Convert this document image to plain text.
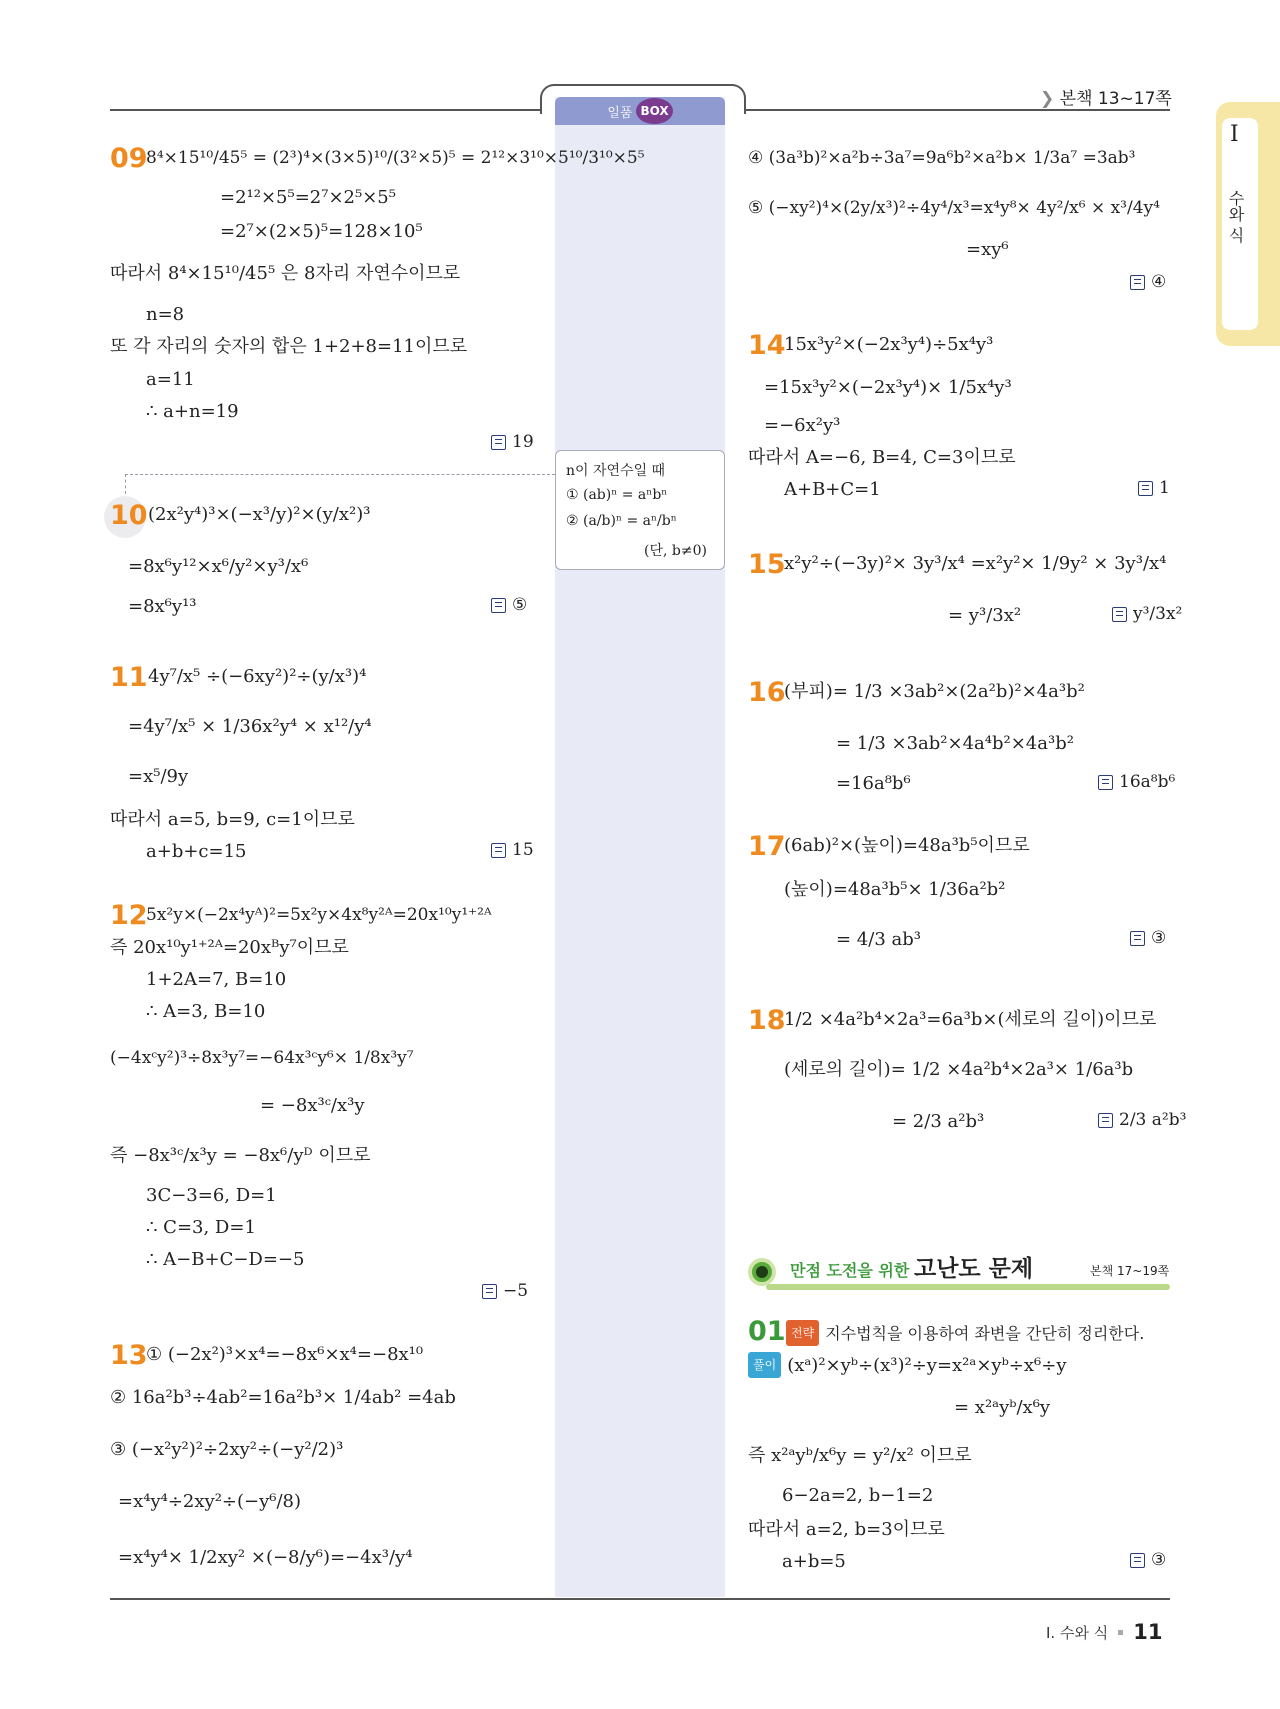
❯ 본책 13~17쪽
일품 BOX
n이 자연수일 때
① (ab)ⁿ = aⁿbⁿ
② (a/b)ⁿ = aⁿ/bⁿ
(단, b≠0)
I
수와 식
09
8⁴×15¹⁰/45⁵ = (2³)⁴×(3×5)¹⁰/(3²×5)⁵ = 2¹²×3¹⁰×5¹⁰/3¹⁰×5⁵
=2¹²×5⁵=2⁷×2⁵×5⁵
=2⁷×(2×5)⁵=128×10⁵
따라서 8⁴×15¹⁰/45⁵ 은 8자리 자연수이므로
n=8
또 각 자리의 숫자의 합은 1+2+8=11이므로
a=11
∴ a+n=19
19
10 (2x²y⁴)³×(−x³/y)²×(y/x²)³
=8x⁶y¹²×x⁶/y²×y³/x⁶
=8x⁶y¹³	⑤
11 4y⁷/x⁵ ÷(−6xy²)²÷(y/x³)⁴
=4y⁷/x⁵ × 1/36x²y⁴ × x¹²/y⁴
=x⁵/9y
따라서 a=5, b=9, c=1이므로
a+b+c=15	15
12
5x²y×(−2x⁴yᴬ)²=5x²y×4x⁸y²ᴬ=20x¹⁰y¹⁺²ᴬ
즉 20x¹⁰y¹⁺²ᴬ=20xᴮy⁷이므로
1+2A=7, B=10
∴ A=3, B=10
(−4xᶜy²)³÷8x³y⁷=−64x³ᶜy⁶× 1/8x³y⁷
= −8x³ᶜ/x³y
즉 −8x³ᶜ/x³y = −8x⁶/yᴰ 이므로
3C−3=6, D=1
∴ C=3, D=1
∴ A−B+C−D=−5
−5
13
① (−2x²)³×x⁴=−8x⁶×x⁴=−8x¹⁰
② 16a²b³÷4ab²=16a²b³× 1/4ab² =4ab
③ (−x²y²)²÷2xy²÷(−y²/2)³
=x⁴y⁴÷2xy²÷(−y⁶/8)
=x⁴y⁴× 1/2xy² ×(−8/y⁶)=−4x³/y⁴
④ (3a³b)²×a²b÷3a⁷=9a⁶b²×a²b× 1/3a⁷ =3ab³
⑤ (−xy²)⁴×(2y/x³)²÷4y⁴/x³=x⁴y⁸× 4y²/x⁶ × x³/4y⁴
=xy⁶
④
14
15x³y²×(−2x³y⁴)÷5x⁴y³
=15x³y²×(−2x³y⁴)× 1/5x⁴y³
=−6x²y³
따라서 A=−6, B=4, C=3이므로
A+B+C=1	1
15
x²y²÷(−3y)²× 3y³/x⁴ =x²y²× 1/9y² × 3y³/x⁴
= y³/3x²	y³/3x²
16
(부피)= 1/3 ×3ab²×(2a²b)²×4a³b²
= 1/3 ×3ab²×4a⁴b²×4a³b²
=16a⁸b⁶	16a⁸b⁶
17
(6ab)²×(높이)=48a³b⁵이므로
(높이)=48a³b⁵× 1/36a²b²
= 4/3 ab³	③
18
1/2 ×4a²b⁴×2a³=6a³b×(세로의 길이)이므로
(세로의 길이)= 1/2 ×4a²b⁴×2a³× 1/6a³b
= 2/3 a²b³	2/3 a²b³
만점 도전을 위한 고난도 문제	본책 17~19쪽
01 전략 지수법칙을 이용하여 좌변을 간단히 정리한다.
풀이 (xᵃ)²×yᵇ÷(x³)²÷y=x²ᵃ×yᵇ÷x⁶÷y
= x²ᵃyᵇ/x⁶y
즉 x²ᵃyᵇ/x⁶y = y²/x² 이므로
6−2a=2, b−1=2
따라서 a=2, b=3이므로
a+b=5	③
Ⅰ. 수와 식 11
